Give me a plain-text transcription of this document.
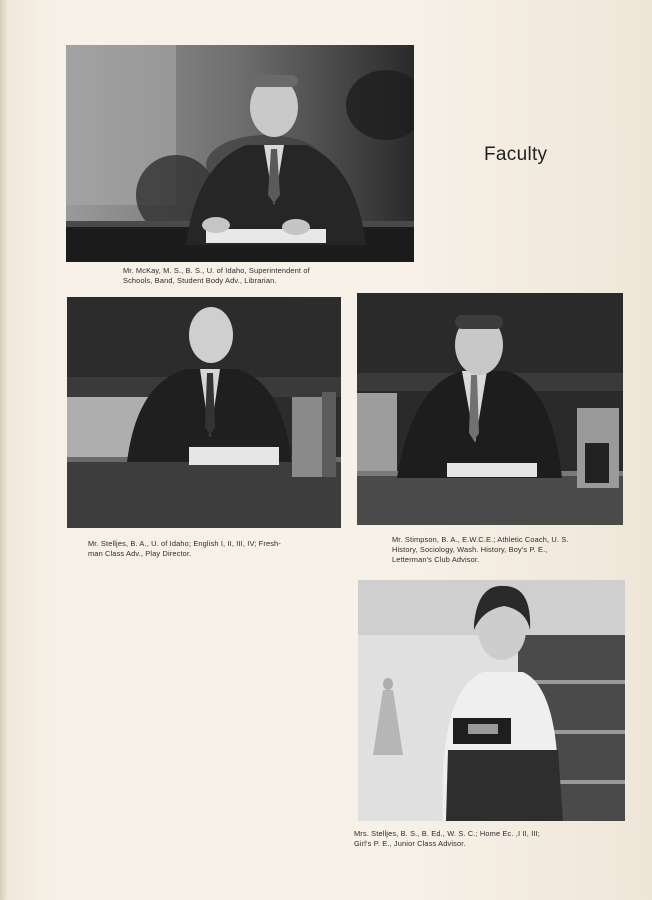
Faculty

Mr. McKay, M. S., B. S., U. of Idaho, Superintendent of
Schools, Band, Student Body Adv., Librarian.

Mr. Stelljes, B. A., U. of Idaho; English I, II, III, IV; Fresh-
man Class Adv., Play Director.

Mr. Stimpson, B. A., E.W.C.E.; Athletic Coach, U. S.
History, Sociology, Wash. History, Boy's P. E.,
Letterman's Club Advisor.

Mrs. Stelljes, B. S., B. Ed., W. S. C.; Home Ec. ,I II, III;
Girl's P. E., Junior Class Advisor.
